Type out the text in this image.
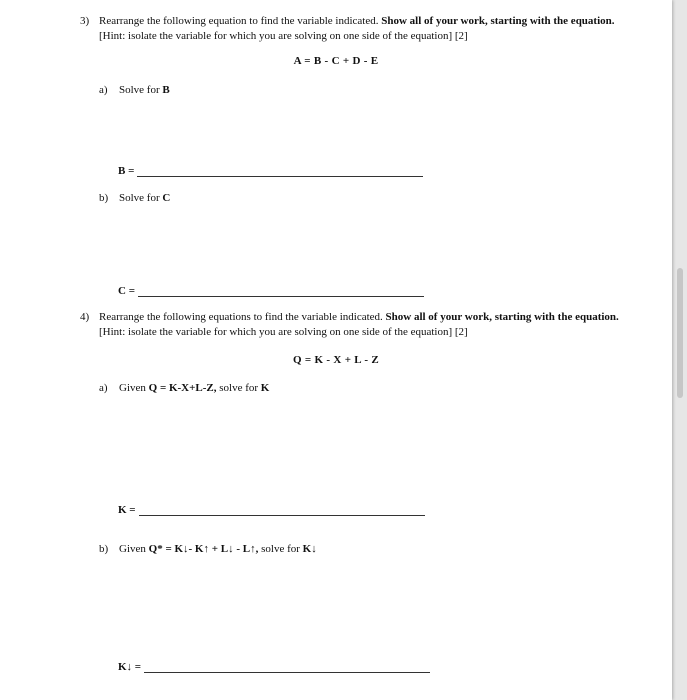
3) Rearrange the following equation to find the variable indicated. Show all of your work, starting with the equation. [Hint: isolate the variable for which you are solving on one side of the equation] [2]
A = B - C + D - E
a) Solve for B
B =
b) Solve for C
C =
4) Rearrange the following equations to find the variable indicated. Show all of your work, starting with the equation. [Hint: isolate the variable for which you are solving on one side of the equation] [2]
Q = K - X + L - Z
a) Given Q = K-X+L-Z, solve for K
K =
b) Given Q* = K↓- K↑ + L↓ - L↑, solve for K↓
K↓ =
